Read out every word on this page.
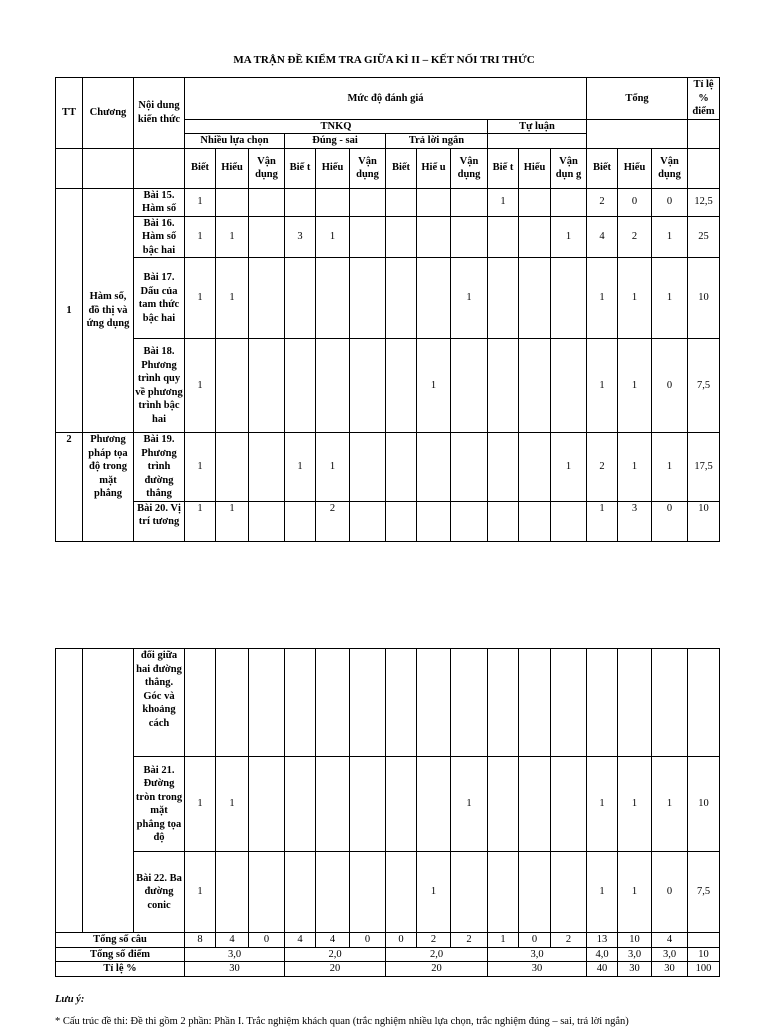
MA TRẬN ĐỀ KIỂM TRA GIỮA KÌ II – KẾT NỐI TRI THỨC
TT	Chương	Nội dung kiến thức	Mức độ đánh giá												Tổng			Tỉ lệ % điểm
			TNKQ									Tự luận						
			Nhiều lựa chọn			Đúng - sai			Trả lời ngắn									
			Biết	Hiểu	Vận dụng	Biế t	Hiểu	Vận dụng	Biết	Hiể u	Vận dụng	Biế t	Hiểu	Vận dụn g	Biết	Hiểu	Vận dụng	
1	Hàm số, đồ thị và ứng dụng	Bài 15. Hàm số	1									1			2	0	0	12,5
		Bài 16. Hàm số bậc hai	1	1		3	1							1	4	2	1	25
		Bài 17. Dấu của tam thức bậc hai	1	1							1				1	1	1	10
		Bài 18. Phương trình quy về phương trình bậc hai	1							1					1	1	0	7,5
2	Phương pháp tọa độ trong mặt phẳng	Bài 19. Phương trình đường thẳng	1			1	1							1	2	1	1	17,5
		Bài 20. Vị trí tương	1	1			2								1	3	0	10
		đối giữa hai đường thẳng. Góc và khoảng cách																
		Bài 21. Đường tròn trong mặt phẳng tọa độ	1	1							1				1	1	1	10
		Bài 22. Ba đường conic	1							1					1	1	0	7,5
Tổng số câu			8	4	0	4	4	0	0	2	2	1	0	2	13	10	4	
Tổng số điểm			3,0			2,0			2,0			3,0			4,0	3,0	3,0	10
Tỉ lệ %			30			20			20			30			40	30	30	100
Lưu ý:
* Cấu trúc đề thi: Đề thi gồm 2 phần: Phần I. Trắc nghiệm khách quan (trắc nghiệm nhiều lựa chọn, trắc nghiệm đúng – sai, trả lời ngắn)
